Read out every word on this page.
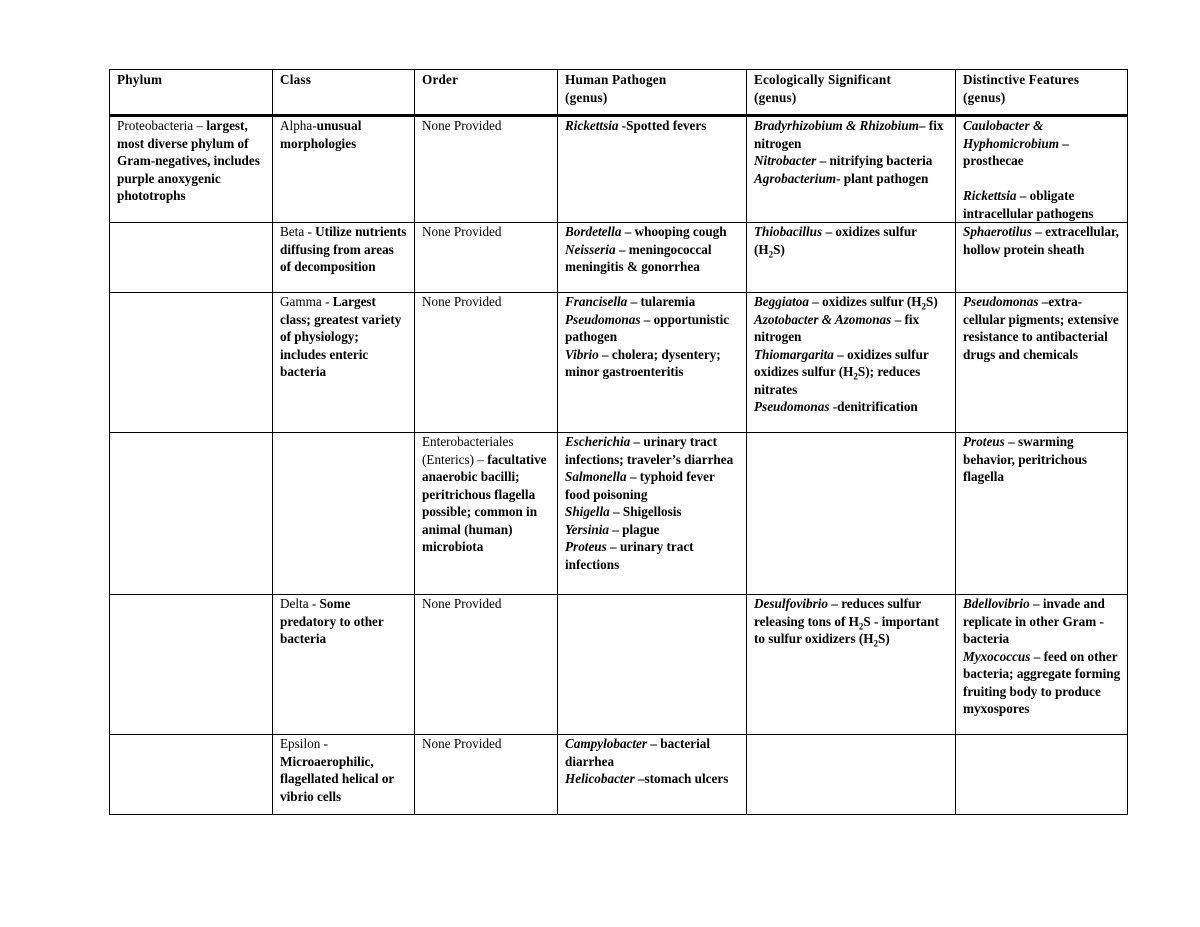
Phylum	Class	Order	Human Pathogen
(genus)	Ecologically Significant
(genus)	Distinctive Features
(genus)

Proteobacteria – largest, most diverse phylum of Gram-negatives, includes purple anoxygenic phototrophs	Alpha-unusual morphologies	None Provided	Rickettsia -Spotted fevers	Bradyrhizobium & Rhizobium– fix nitrogen
Nitrobacter – nitrifying bacteria
Agrobacterium- plant pathogen	Caulobacter & Hyphomicrobium – prosthecae
Rickettsia – obligate intracellular pathogens

	Beta - Utilize nutrients diffusing from areas of decomposition	None Provided	Bordetella – whooping cough
Neisseria – meningococcal meningitis & gonorrhea	Thiobacillus – oxidizes sulfur $(H_2S)$	Sphaerotilus – extracellular, hollow protein sheath

	Gamma - Largest class; greatest variety of physiology; includes enteric bacteria	None Provided	Francisella – tularemia
Pseudomonas – opportunistic pathogen
Vibrio – cholera; dysentery; minor gastroenteritis	Beggiatoa – oxidizes sulfur $(H_2S)$
Azotobacter & Azomonas – fix nitrogen
Thiomargarita – oxidizes sulfur oxidizes sulfur $(H_2S)$; reduces nitrates
Pseudomonas -denitrification	Pseudomonas –extra-cellular pigments; extensive resistance to antibacterial drugs and chemicals

		Enterobacteriales (Enterics) – facultative anaerobic bacilli; peritrichous flagella possible; common in animal (human) microbiota	Escherichia – urinary tract infections; traveler’s diarrhea
Salmonella – typhoid fever food poisoning
Shigella – Shigellosis
Yersinia – plague
Proteus – urinary tract infections		Proteus – swarming behavior, peritrichous flagella

	Delta - Some predatory to other bacteria	None Provided		Desulfovibrio – reduces sulfur releasing tons of $H_2S$ - important to sulfur oxidizers $(H_2S)$	Bdellovibrio – invade and replicate in other Gram - bacteria
Myxococcus – feed on other bacteria; aggregate forming fruiting body to produce myxospores

	Epsilon - Microaerophilic, flagellated helical or vibrio cells	None Provided	Campylobacter – bacterial diarrhea
Helicobacter –stomach ulcers		
